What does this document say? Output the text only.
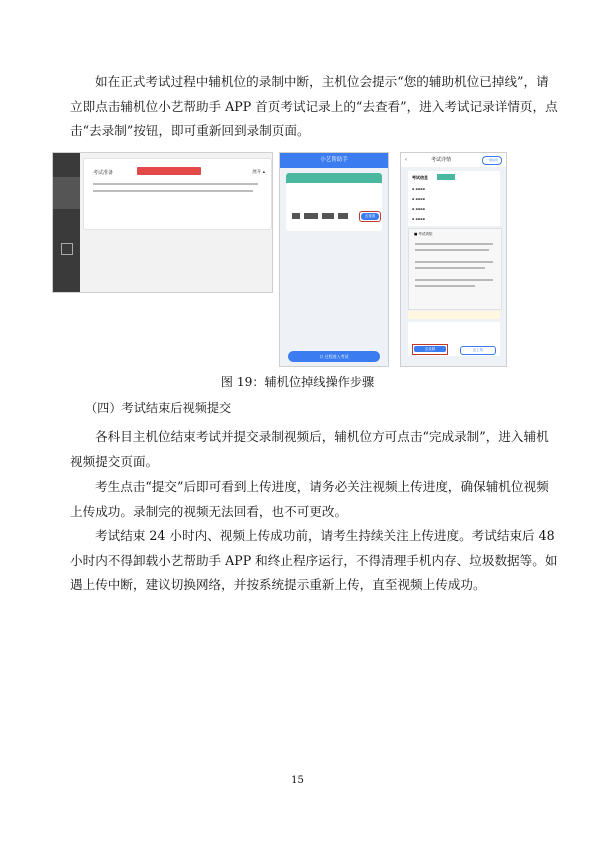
如在正式考试过程中辅机位的录制中断，主机位会提示“您的辅助机位已掉线”，请立即点击辅机位小艺帮助手 APP 首页考试记录上的“去查看”，进入考试记录详情页，点击“去录制”按钮，即可重新回到录制页面。
考试准备	展开 ▴
小艺帮助手
去查看
口 过程进入考试
‹	考试详情	一键返回
考试信息
▪ ▪▪▪▪
▪ ▪▪▪▪
▪ ▪▪▪▪
▪ ▪▪▪▪
■ 考试须知
去录制	去上传
图 19：辅机位掉线操作步骤
（四）考试结束后视频提交
各科目主机位结束考试并提交录制视频后，辅机位方可点击“完成录制”，进入辅机视频提交页面。
考生点击“提交”后即可看到上传进度，请务必关注视频上传进度，确保辅机位视频上传成功。录制完的视频无法回看，也不可更改。
考试结束 24 小时内、视频上传成功前，请考生持续关注上传进度。考试结束后 48 小时内不得卸载小艺帮助手 APP 和终止程序运行，不得清理手机内存、垃圾数据等。如遇上传中断，建议切换网络，并按系统提示重新上传，直至视频上传成功。
15
